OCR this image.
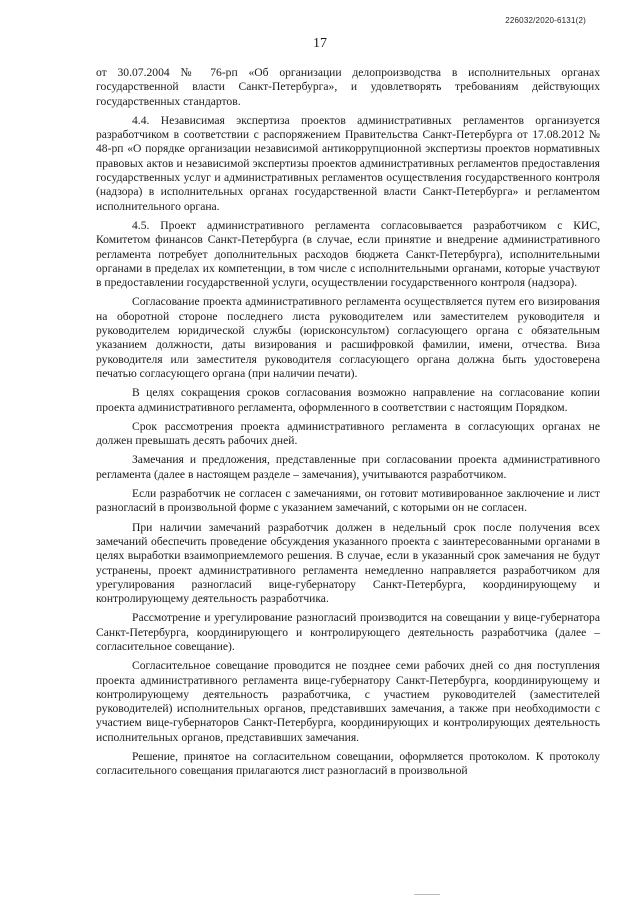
226032/2020-6131(2)
17

от 30.07.2004 № 76-рп «Об организации делопроизводства в исполнительных органах государственной власти Санкт-Петербурга», и удовлетворять требованиям действующих государственных стандартов.

4.4. Независимая экспертиза проектов административных регламентов организуется разработчиком в соответствии с распоряжением Правительства Санкт-Петербурга от 17.08.2012 № 48-рп «О порядке организации независимой антикоррупционной экспертизы проектов нормативных правовых актов и независимой экспертизы проектов административных регламентов предоставления государственных услуг и административных регламентов осуществления государственного контроля (надзора) в исполнительных органах государственной власти Санкт-Петербурга» и регламентом исполнительного органа.

4.5. Проект административного регламента согласовывается разработчиком с КИС, Комитетом финансов Санкт-Петербурга (в случае, если принятие и внедрение административного регламента потребует дополнительных расходов бюджета Санкт-Петербурга), исполнительными органами в пределах их компетенции, в том числе с исполнительными органами, которые участвуют в предоставлении государственной услуги, осуществлении государственного контроля (надзора).

Согласование проекта административного регламента осуществляется путем его визирования на оборотной стороне последнего листа руководителем или заместителем руководителя и руководителем юридической службы (юрисконсультом) согласующего органа с обязательным указанием должности, даты визирования и расшифровкой фамилии, имени, отчества. Виза руководителя или заместителя руководителя согласующего органа должна быть удостоверена печатью согласующего органа (при наличии печати).

В целях сокращения сроков согласования возможно направление на согласование копии проекта административного регламента, оформленного в соответствии с настоящим Порядком.

Срок рассмотрения проекта административного регламента в согласующих органах не должен превышать десять рабочих дней.

Замечания и предложения, представленные при согласовании проекта административного регламента (далее в настоящем разделе – замечания), учитываются разработчиком.

Если разработчик не согласен с замечаниями, он готовит мотивированное заключение и лист разногласий в произвольной форме с указанием замечаний, с которыми он не согласен.

При наличии замечаний разработчик должен в недельный срок после получения всех замечаний обеспечить проведение обсуждения указанного проекта с заинтересованными органами в целях выработки взаимоприемлемого решения. В случае, если в указанный срок замечания не будут устранены, проект административного регламента немедленно направляется разработчиком для урегулирования разногласий вице-губернатору Санкт-Петербурга, координирующему и контролирующему деятельность разработчика.

Рассмотрение и урегулирование разногласий производится на совещании у вице-губернатора Санкт-Петербурга, координирующего и контролирующего деятельность разработчика (далее – согласительное совещание).

Согласительное совещание проводится не позднее семи рабочих дней со дня поступления проекта административного регламента вице-губернатору Санкт-Петербурга, координирующему и контролирующему деятельность разработчика, с участием руководителей (заместителей руководителей) исполнительных органов, представивших замечания, а также при необходимости с участием вице-губернаторов Санкт-Петербурга, координирующих и контролирующих деятельность исполнительных органов, представивших замечания.

Решение, принятое на согласительном совещании, оформляется протоколом. К протоколу согласительного совещания прилагаются лист разногласий в произвольной
